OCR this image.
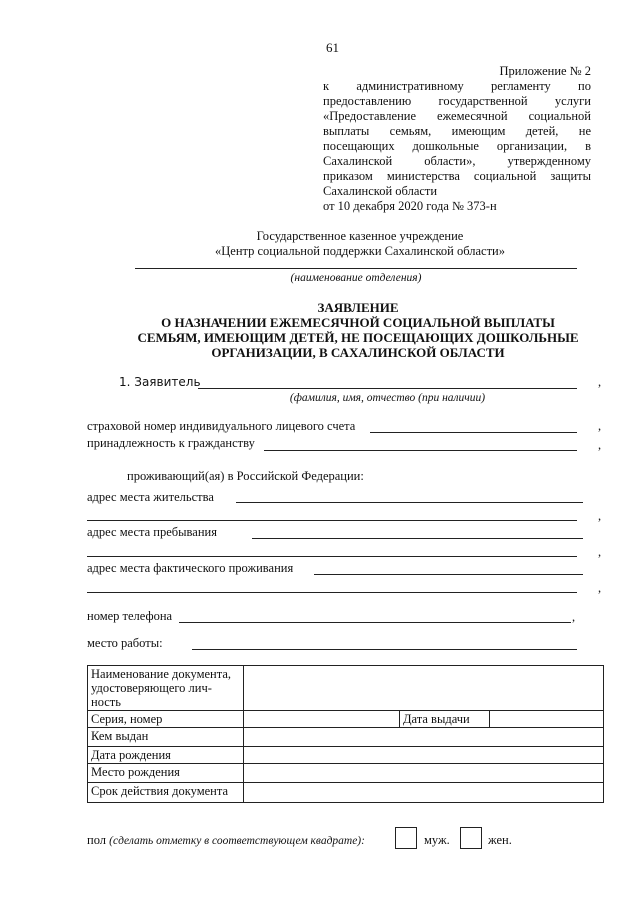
61
Приложение № 2
к административному регламенту по
предоставлению государственной услуги
«Предоставление ежемесячной социальной
выплаты семьям, имеющим детей, не
посещающих дошкольные организации, в
Сахалинской области», утвержденному
приказом министерства социальной защиты
Сахалинской области
от 10 декабря 2020 года № 373-н
Государственное казенное учреждение
«Центр социальной поддержки Сахалинской области»
(наименование отделения)
ЗАЯВЛЕНИЕ
О НАЗНАЧЕНИИ ЕЖЕМЕСЯЧНОЙ СОЦИАЛЬНОЙ ВЫПЛАТЫ
СЕМЬЯМ, ИМЕЮЩИМ ДЕТЕЙ, НЕ ПОСЕЩАЮЩИХ ДОШКОЛЬНЫЕ
ОРГАНИЗАЦИИ, В САХАЛИНСКОЙ ОБЛАСТИ
1. Заявитель	,
(фамилия, имя, отчество (при наличии)
страховой номер индивидуального лицевого счета	,
принадлежность к гражданству	,
проживающий(ая) в Российской Федерации:
адрес места жительства
,
адрес места пребывания
,
адрес места фактического проживания
,
номер телефона	,
место работы:
Наименование документа, удостоверяющего лич-ность			
Серия, номер		Дата выдачи	
Кем выдан			
Дата рождения			
Место рождения			
Срок действия документа			
пол (сделать отметку в соответствующем квадрате):	муж.	жен.
